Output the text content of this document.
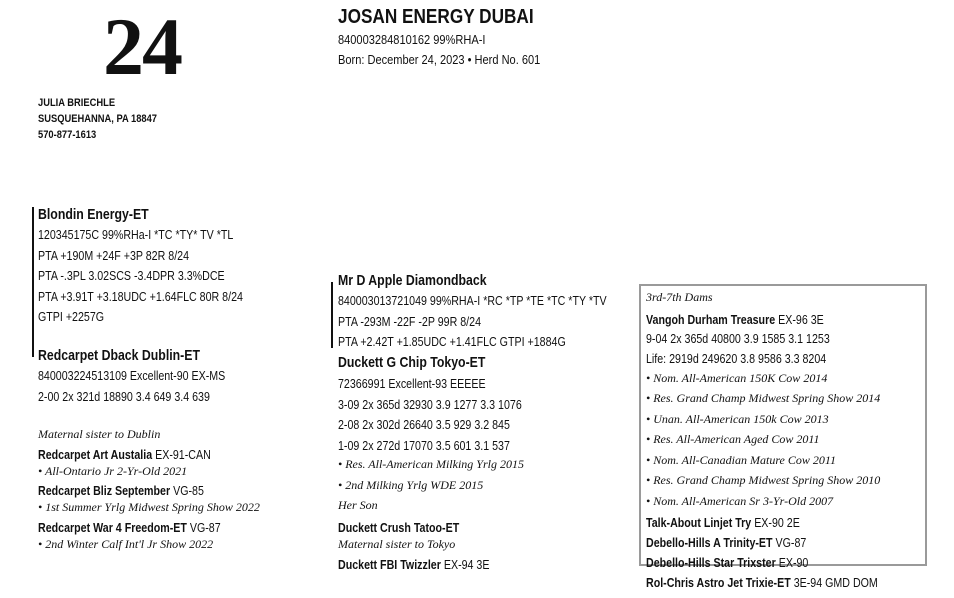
24
JULIA BRIECHLE
SUSQUEHANNA, PA 18847
570-877-1613
JOSAN ENERGY DUBAI
840003284810162 99%RHA-I
Born: December 24, 2023 • Herd No. 601
Blondin Energy-ET
120345175C 99%RHa-I *TC *TY* TV *TL
PTA +190M +24F +3P 82R 8/24
PTA -.3PL 3.02SCS -3.4DPR 3.3%DCE
PTA +3.91T +3.18UDC +1.64FLC 80R 8/24
GTPI +2257G
Redcarpet Dback Dublin-ET
840003224513109 Excellent-90 EX-MS
2-00 2x 321d 18890 3.4 649 3.4 639
Maternal sister to Dublin
Redcarpet Art Austalia EX-91-CAN
• All-Ontario Jr 2-Yr-Old 2021
Redcarpet Bliz September VG-85
• 1st Summer Yrlg Midwest Spring Show 2022
Redcarpet War 4 Freedom-ET VG-87
• 2nd Winter Calf Int'l Jr Show 2022
Mr D Apple Diamondback
840003013721049 99%RHA-I *RC *TP *TE *TC *TY *TV
PTA -293M -22F -2P 99R 8/24
PTA +2.42T +1.85UDC +1.41FLC GTPI +1884G
Duckett G Chip Tokyo-ET
72366991 Excellent-93 EEEEE
3-09 2x 365d 32930 3.9 1277 3.3 1076
2-08 2x 302d 26640 3.5 929 3.2 845
1-09 2x 272d 17070 3.5 601 3.1 537
• Res. All-American Milking Yrlg 2015
• 2nd Milking Yrlg WDE 2015
Her Son
Duckett Crush Tatoo-ET
Maternal sister to Tokyo
Duckett FBI Twizzler EX-94 3E
3rd-7th Dams
Vangoh Durham Treasure EX-96 3E
9-04 2x 365d 40800 3.9 1585 3.1 1253
Life: 2919d 249620 3.8 9586 3.3 8204
• Nom. All-American 150K Cow 2014
• Res. Grand Champ Midwest Spring Show 2014
• Unan. All-American 150k Cow 2013
• Res. All-American Aged Cow 2011
• Nom. All-Canadian Mature Cow 2011
• Res. Grand Champ Midwest Spring Show 2010
• Nom. All-American Sr 3-Yr-Old 2007
Talk-About Linjet Try EX-90 2E
Debello-Hills A Trinity-ET VG-87
Debello-Hills Star Trixster EX-90
Rol-Chris Astro Jet Trixie-ET 3E-94 GMD DOM
